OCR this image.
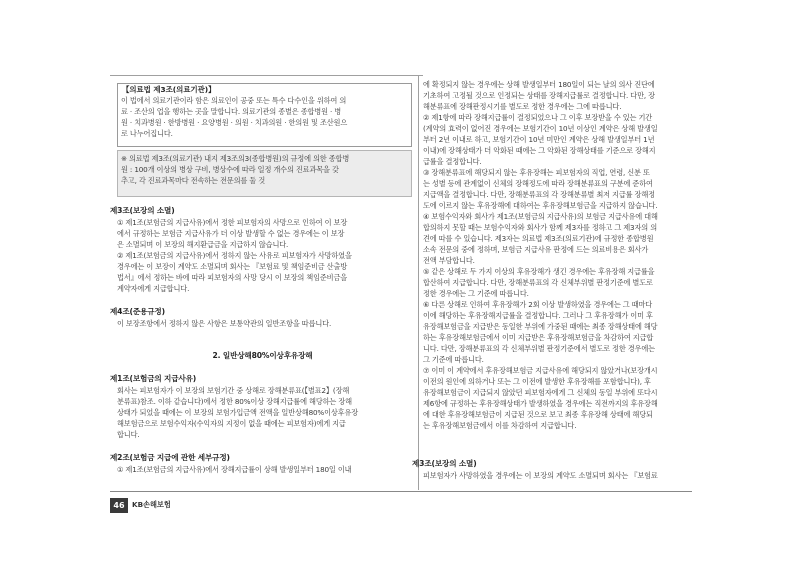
【의료법 제3조(의료기관)】
이 법에서 의료기관이라 함은 의료인이 공중 또는 특수 다수인을 위하여 의
료 · 조산의 업을 행하는 곳을 말합니다. 의료기관의 종별은 종합병원 · 병
원 · 치과병원 · 한방병원 · 요양병원 · 의원 · 치과의원 · 한의원 및 조산원으
로 나누어집니다.
※ 의료법 제3조(의료기관) 내지 제3조의3(종합병원)의 규정에 의한 종합병
원 : 100개 이상의 병상 구비, 병상수에 따라 일정 개수의 진료과목을 갖
추고, 각 진료과목마다 전속하는 전문의를 둘 것
제3조(보장의 소멸)
① 제1조(보험금의 지급사유)에서 정한 피보험자의 사망으로 인하여 이 보장
에서 규정하는 보험금 지급사유가 더 이상 발생할 수 없는 경우에는 이 보장
은 소멸되며 이 보장의 해지환급금을 지급하지 않습니다.
② 제1조(보험금의 지급사유)에서 정하지 않는 사유로 피보험자가 사망하였을
경우에는 이 보장이 계약도 소멸되며 회사는 『보험료 및 책임준비금 산출방
법서』에서 정하는 바에 따라 피보험자의 사망 당시 이 보장의 책임준비금을
계약자에게 지급합니다.
제4조(준용규정)
이 보장조항에서 정하지 않은 사항은 보통약관의 일반조항을 따릅니다.
2. 일반상해80%이상후유장해
제1조(보험금의 지급사유)
회사는 피보험자가 이 보장의 보험기간 중 상해로 장해분류표(【별표2】(장해
분류표)참조. 이하 같습니다)에서 정한 80%이상 장해지급률에 해당하는 장해
상태가 되었을 때에는 이 보장의 보험가입금액 전액을 일반상해80%이상후유장
해보험금으로 보험수익자(수익자의 지정이 없을 때에는 피보험자)에게 지급
합니다.
제2조(보험금 지급에 관한 세부규정)
① 제1조(보험금의 지급사유)에서 장해지급률이 상해 발생일부터 180일 이내
에 확정되지 않는 경우에는 상해 발생일부터 180일이 되는 날의 의사 진단에
기초하여 고정될 것으로 인정되는 상태를 장해지급률로 결정합니다. 다만, 장
해분류표에 장해판정시기를 별도로 정한 경우에는 그에 따릅니다.
② 제1항에 따라 장해지급률이 결정되었으나 그 이후 보장받을 수 있는 기간
(계약의 효력이 없어진 경우에는 보험기간이 10년 이상인 계약은 상해 발생일
부터 2년 이내로 하고, 보험기간이 10년 미만인 계약은 상해 발생일부터 1년
이내)에 장해상태가 더 악화된 때에는 그 악화된 장해상태를 기준으로 장해지
급률을 결정합니다.
③ 장해분류표에 해당되지 않는 후유장해는 피보험자의 직업, 연령, 신분 또
는 성별 등에 관계없이 신체의 장해정도에 따라 장해분류표의 구분에 준하여
지급액을 결정합니다. 다만, 장해분류표의 각 장해분류별 최저 지급률 장해정
도에 이르지 않는 후유장해에 대하여는 후유장해보험금을 지급하지 않습니다.
④ 보험수익자와 회사가 제1조(보험금의 지급사유)의 보험금 지급사유에 대해
합의하지 못할 때는 보험수익자와 회사가 함께 제3자를 정하고 그 제3자의 의
견에 따를 수 있습니다. 제3자는 의료법 제3조(의료기관)에 규정한 종합병원
소속 전문의 중에 정하며, 보험금 지급사유 판정에 드는 의료비용은 회사가
전액 부담합니다.
⑤ 같은 상해로 두 가지 이상의 후유장해가 생긴 경우에는 후유장해 지급률을
합산하여 지급합니다. 다만, 장해분류표의 각 신체부위별 판정기준에 별도로
정한 경우에는 그 기준에 따릅니다.
⑥ 다른 상해로 인하여 후유장해가 2회 이상 발생하였을 경우에는 그 때마다
이에 해당하는 후유장해지급률을 결정합니다. 그러나 그 후유장해가 이미 후
유장해보험금을 지급받은 동일한 부위에 가중된 때에는 최종 장해상태에 해당
하는 후유장해보험금에서 이미 지급받은 후유장해보험금을 차감하여 지급합
니다. 다만, 장해분류표의 각 신체부위별 판정기준에서 별도로 정한 경우에는
그 기준에 따릅니다.
⑦ 이미 이 계약에서 후유장해보험금 지급사유에 해당되지 않았거나(보장개시
이전의 원인에 의하거나 또는 그 이전에 발생한 후유장해를 포함합니다), 후
유장해보험금이 지급되지 않았던 피보험자에게 그 신체의 동일 부위에 또다시
제6항에 규정하는 후유장해상태가 발생하였을 경우에는 직전까지의 후유장해
에 대한 후유장해보험금이 지급된 것으로 보고 최종 후유장해 상태에 해당되
는 후유장해보험금에서 이를 차감하여 지급합니다.
제3조(보장의 소멸)
피보험자가 사망하였을 경우에는 이 보장의 계약도 소멸되며 회사는 『보험료
46	KB손해보험
